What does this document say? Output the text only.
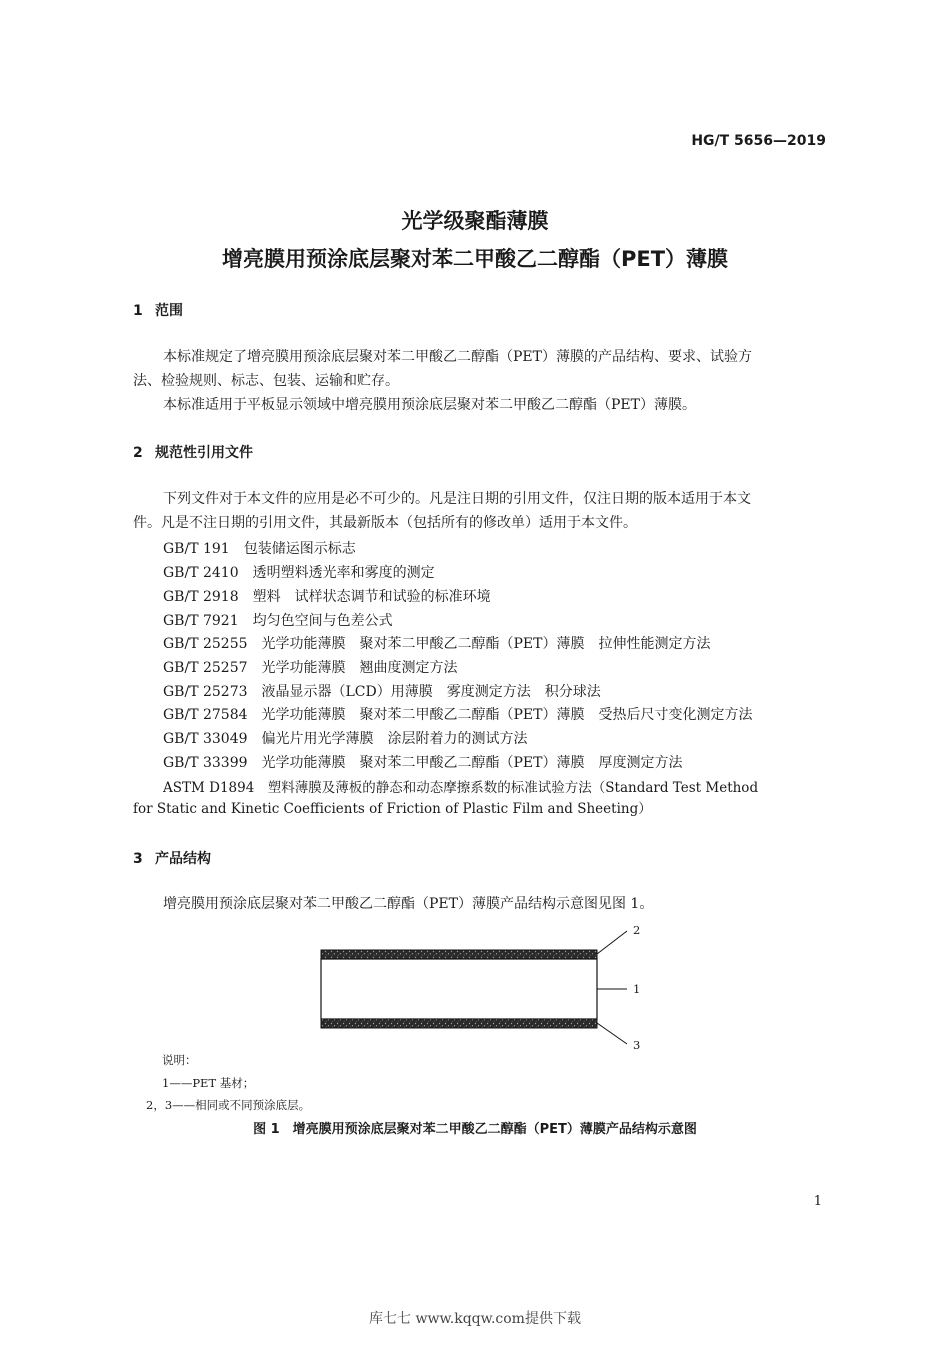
HG/T 5656—2019
光学级聚酯薄膜
增亮膜用预涂底层聚对苯二甲酸乙二醇酯（PET）薄膜
1 范围
本标准规定了增亮膜用预涂底层聚对苯二甲酸乙二醇酯（PET）薄膜的产品结构、要求、试验方
法、检验规则、标志、包装、运输和贮存。
本标准适用于平板显示领域中增亮膜用预涂底层聚对苯二甲酸乙二醇酯（PET）薄膜。
2 规范性引用文件
下列文件对于本文件的应用是必不可少的。凡是注日期的引用文件，仅注日期的版本适用于本文
件。凡是不注日期的引用文件，其最新版本（包括所有的修改单）适用于本文件。
GB/T 191　包装储运图示标志
GB/T 2410　透明塑料透光率和雾度的测定
GB/T 2918　塑料　试样状态调节和试验的标准环境
GB/T 7921　均匀色空间与色差公式
GB/T 25255　光学功能薄膜　聚对苯二甲酸乙二醇酯（PET）薄膜　拉伸性能测定方法
GB/T 25257　光学功能薄膜　翘曲度测定方法
GB/T 25273　液晶显示器（LCD）用薄膜　雾度测定方法　积分球法
GB/T 27584　光学功能薄膜　聚对苯二甲酸乙二醇酯（PET）薄膜　受热后尺寸变化测定方法
GB/T 33049　偏光片用光学薄膜　涂层附着力的测试方法
GB/T 33399　光学功能薄膜　聚对苯二甲酸乙二醇酯（PET）薄膜　厚度测定方法
ASTM D1894　塑料薄膜及薄板的静态和动态摩擦系数的标准试验方法（Standard Test Method
for Static and Kinetic Coefficients of Friction of Plastic Film and Sheeting）
3 产品结构
增亮膜用预涂底层聚对苯二甲酸乙二醇酯（PET）薄膜产品结构示意图见图 1。
2
1
3
说明：
1——PET 基材；
2，3——相同或不同预涂底层。
图 1　增亮膜用预涂底层聚对苯二甲酸乙二醇酯（PET）薄膜产品结构示意图
1
库七七 www.kqqw.com提供下载
